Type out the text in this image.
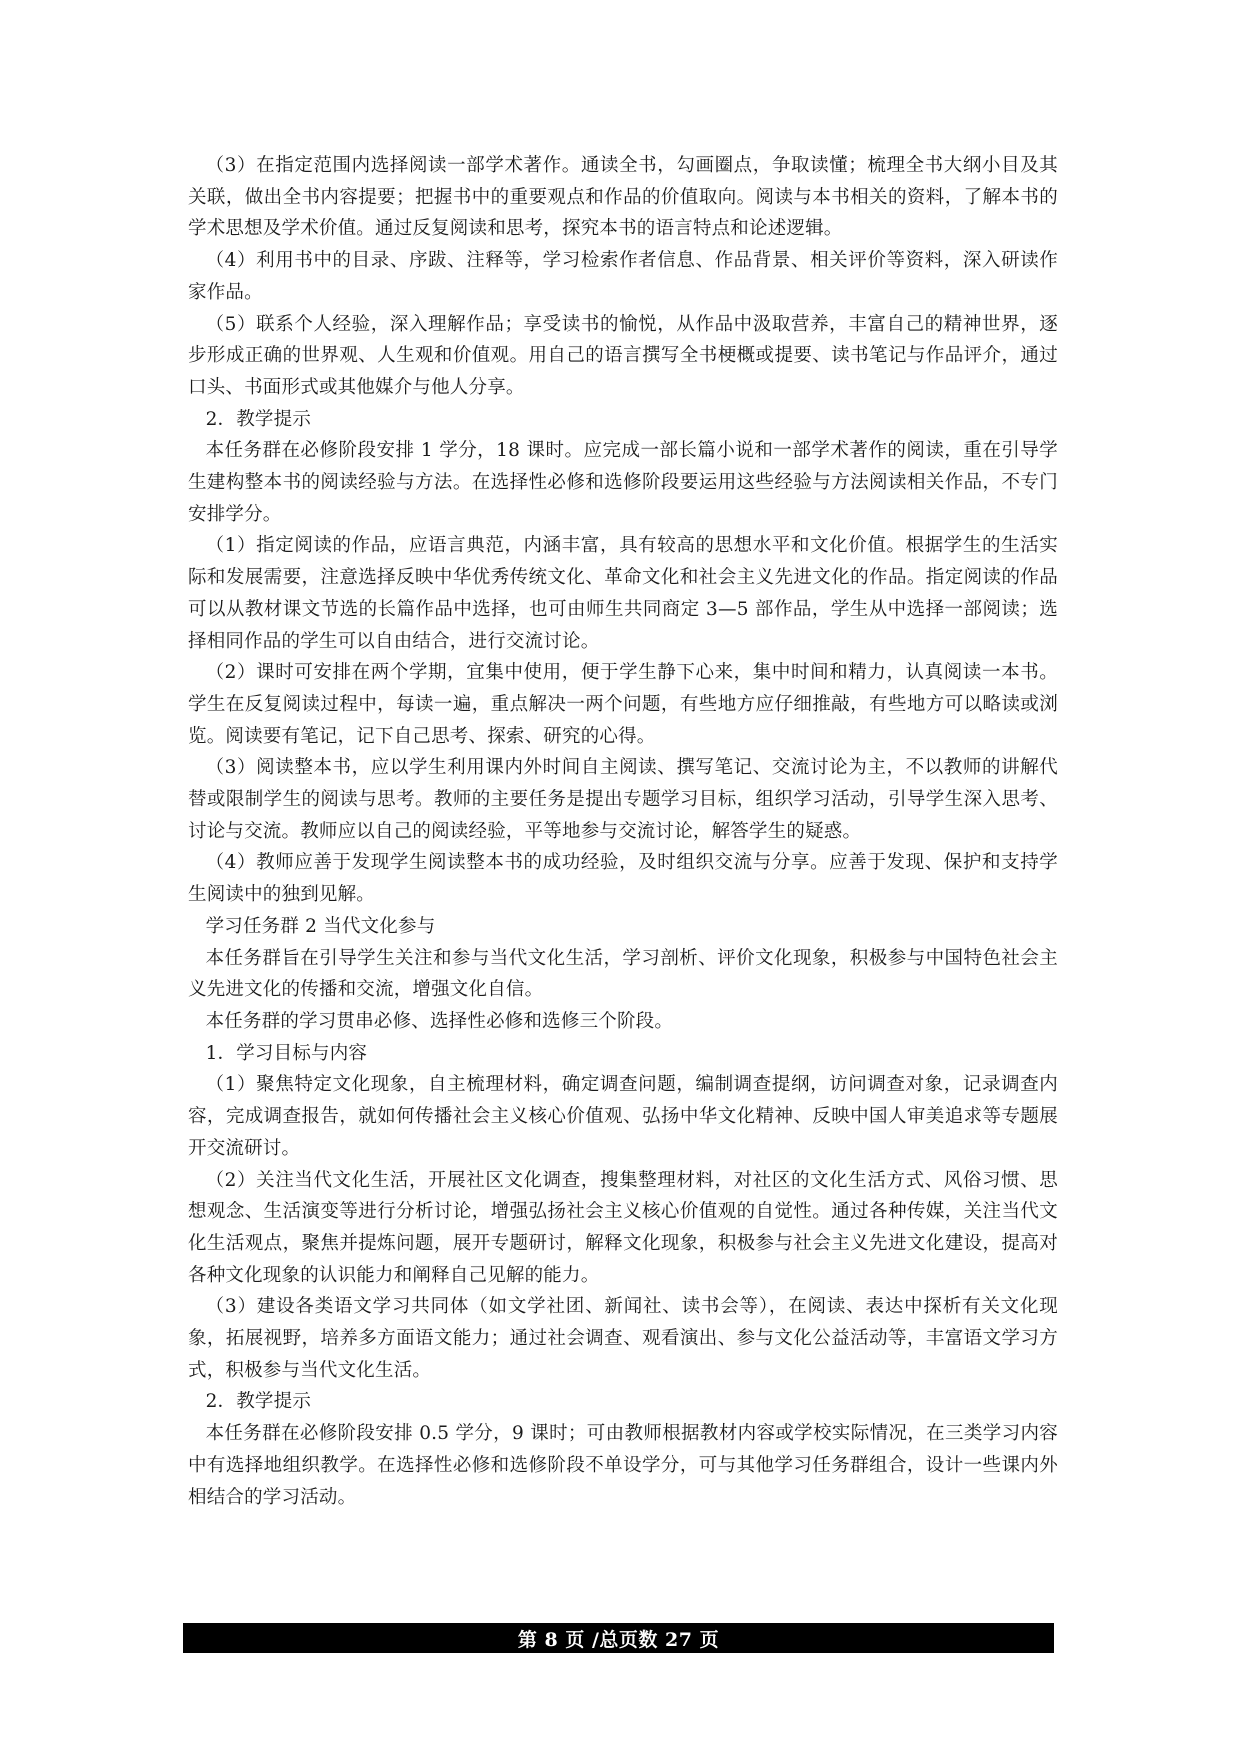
（3）在指定范围内选择阅读一部学术著作。通读全书，勾画圈点，争取读懂；梳理全书大纲小目及其关联，做出全书内容提要；把握书中的重要观点和作品的价值取向。阅读与本书相关的资料，了解本书的学术思想及学术价值。通过反复阅读和思考，探究本书的语言特点和论述逻辑。

（4）利用书中的目录、序跋、注释等，学习检索作者信息、作品背景、相关评价等资料，深入研读作家作品。

（5）联系个人经验，深入理解作品；享受读书的愉悦，从作品中汲取营养，丰富自己的精神世界，逐步形成正确的世界观、人生观和价值观。用自己的语言撰写全书梗概或提要、读书笔记与作品评介，通过口头、书面形式或其他媒介与他人分享。

2．教学提示

本任务群在必修阶段安排 1 学分，18 课时。应完成一部长篇小说和一部学术著作的阅读，重在引导学生建构整本书的阅读经验与方法。在选择性必修和选修阶段要运用这些经验与方法阅读相关作品，不专门安排学分。

（1）指定阅读的作品，应语言典范，内涵丰富，具有较高的思想水平和文化价值。根据学生的生活实际和发展需要，注意选择反映中华优秀传统文化、革命文化和社会主义先进文化的作品。指定阅读的作品可以从教材课文节选的长篇作品中选择，也可由师生共同商定 3—5 部作品，学生从中选择一部阅读；选择相同作品的学生可以自由结合，进行交流讨论。

（2）课时可安排在两个学期，宜集中使用，便于学生静下心来，集中时间和精力，认真阅读一本书。学生在反复阅读过程中，每读一遍，重点解决一两个问题，有些地方应仔细推敲，有些地方可以略读或浏览。阅读要有笔记，记下自己思考、探索、研究的心得。

（3）阅读整本书，应以学生利用课内外时间自主阅读、撰写笔记、交流讨论为主，不以教师的讲解代替或限制学生的阅读与思考。教师的主要任务是提出专题学习目标，组织学习活动，引导学生深入思考、讨论与交流。教师应以自己的阅读经验，平等地参与交流讨论，解答学生的疑惑。

（4）教师应善于发现学生阅读整本书的成功经验，及时组织交流与分享。应善于发现、保护和支持学生阅读中的独到见解。

学习任务群 2 当代文化参与

本任务群旨在引导学生关注和参与当代文化生活，学习剖析、评价文化现象，积极参与中国特色社会主义先进文化的传播和交流，增强文化自信。

本任务群的学习贯串必修、选择性必修和选修三个阶段。

1．学习目标与内容

（1）聚焦特定文化现象，自主梳理材料，确定调查问题，编制调查提纲，访问调查对象，记录调查内容，完成调查报告，就如何传播社会主义核心价值观、弘扬中华文化精神、反映中国人审美追求等专题展开交流研讨。

（2）关注当代文化生活，开展社区文化调查，搜集整理材料，对社区的文化生活方式、风俗习惯、思想观念、生活演变等进行分析讨论，增强弘扬社会主义核心价值观的自觉性。通过各种传媒，关注当代文化生活观点，聚焦并提炼问题，展开专题研讨，解释文化现象，积极参与社会主义先进文化建设，提高对各种文化现象的认识能力和阐释自己见解的能力。

（3）建设各类语文学习共同体（如文学社团、新闻社、读书会等），在阅读、表达中探析有关文化现象，拓展视野，培养多方面语文能力；通过社会调查、观看演出、参与文化公益活动等，丰富语文学习方式，积极参与当代文化生活。

2．教学提示

本任务群在必修阶段安排 0.5 学分，9 课时；可由教师根据教材内容或学校实际情况，在三类学习内容中有选择地组织教学。在选择性必修和选修阶段不单设学分，可与其他学习任务群组合，设计一些课内外相结合的学习活动。

第 8 页 /总页数 27 页
